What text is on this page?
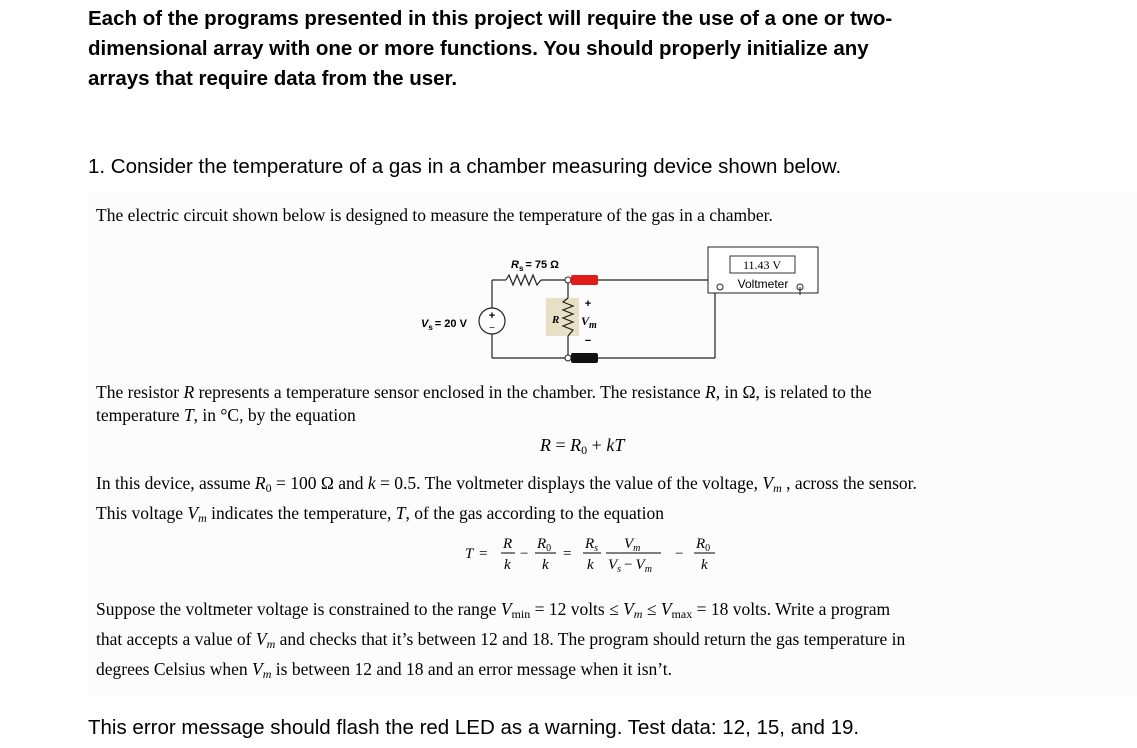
Each of the programs presented in this project will require the use of a one or two-
dimensional array with one or more functions. You should properly initialize any
arrays that require data from the user.
1. Consider the temperature of a gas in a chamber measuring device shown below.
The electric circuit shown below is designed to measure the temperature of the gas in a chamber.
+
−
11.43 V
Voltmeter
$R_s = 75$ Ω
$V_s = 20$ V	R $V_m$
+
−
The resistor R represents a temperature sensor enclosed in the chamber. The resistance R, in Ω, is related to the
temperature T, in °C, by the equation
$R = R_0$ + kT
In this device, assume $R_0 = 100$ Ω and k = 0.5. The voltmeter displays the value of the voltage, $V_m$ , across the sensor.
This voltage $V_m$ indicates the temperature, T, of the gas according to the equation
T =
R
k
−
$R_0$
k
=
$R_s$
k
$V_m$
$V_s - V_m$
−
$R_0$
k
Suppose the voltmeter voltage is constrained to the range $V_{min} = 12$ volts ≤ $V_m \le V_{max} = 18$ volts. Write a program
that accepts a value of $V_m$ and checks that it’s between 12 and 18. The program should return the gas temperature in
degrees Celsius when $V_m$ is between 12 and 18 and an error message when it isn’t.
This error message should flash the red LED as a warning. Test data: 12, 15, and 19.
